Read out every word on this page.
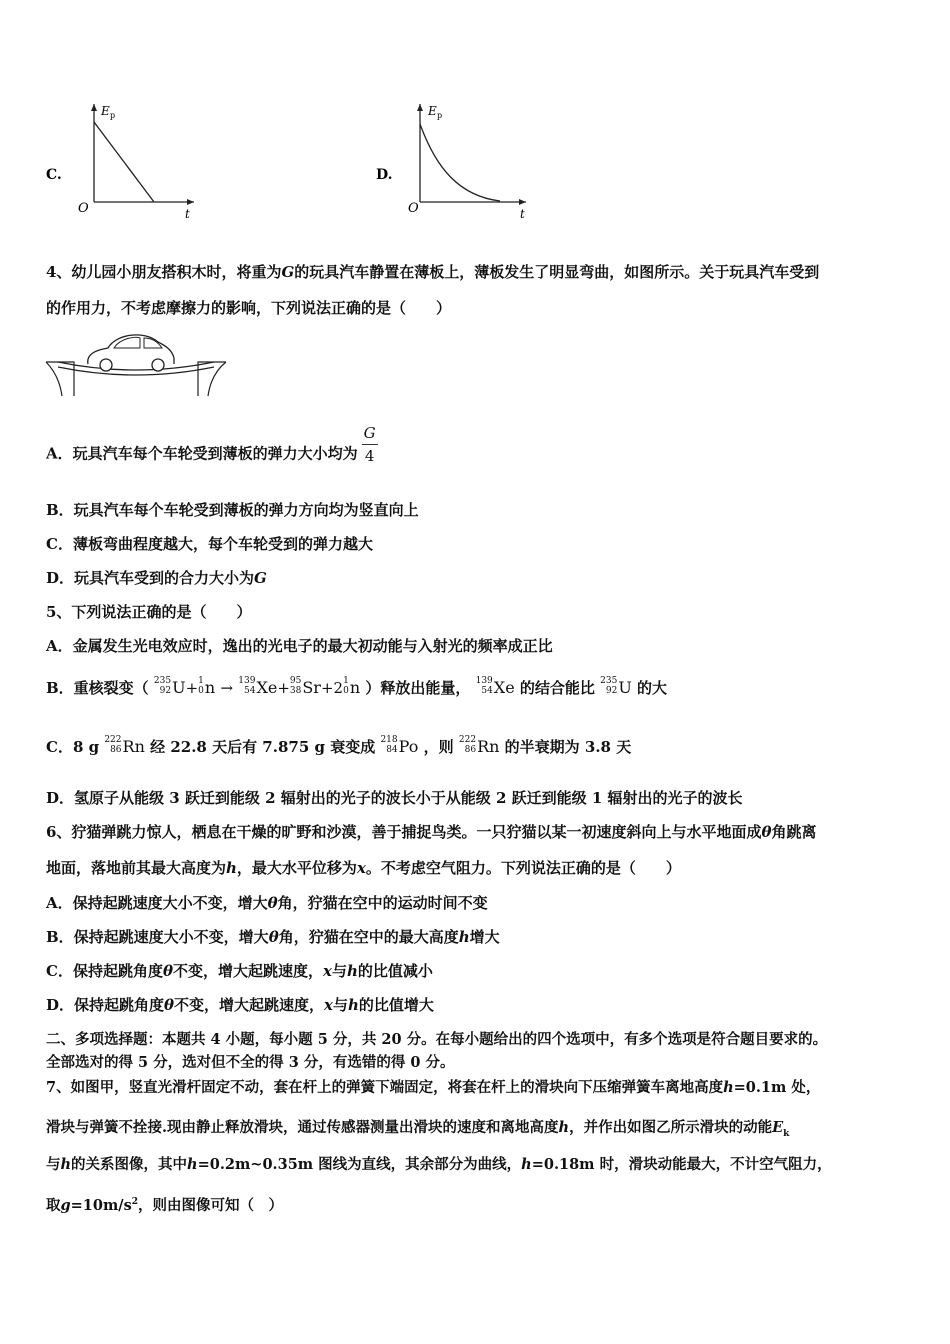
C.
E p
O	t
D.
E p
O	t
4、幼儿园小朋友搭积木时，将重为G的玩具汽车静置在薄板上，薄板发生了明显弯曲，如图所示。关于玩具汽车受到
的作用力，不考虑摩擦力的影响，下列说法正确的是（　　）
A．玩具汽车每个车轮受到薄板的弹力大小均为 $\frac{G}{4}$
B．玩具汽车每个车轮受到薄板的弹力方向均为竖直向上
C．薄板弯曲程度越大，每个车轮受到的弹力越大
D．玩具汽车受到的合力大小为G
5、下列说法正确的是（　　）
A．金属发生光电效应时，逸出的光电子的最大初动能与入射光的频率成正比
B．重核裂变（ 235
92 U+ 1
0 n → 139
54 Xe+ 95
38 Sr+2 1
0 n ）释放出能量， 139
54 Xe 的结合能比 235
92 U 的大
C．8 g 222
86 Rn 经 22.8 天后有 7.875 g 衰变成 218
84 Po ，则 222
86 Rn 的半衰期为 3.8 天
D．氢原子从能级 3 跃迁到能级 2 辐射出的光子的波长小于从能级 2 跃迁到能级 1 辐射出的光子的波长
6、狞猫弹跳力惊人，栖息在干燥的旷野和沙漠，善于捕捉鸟类。一只狞猫以某一初速度斜向上与水平地面成θ角跳离
地面，落地前其最大高度为h，最大水平位移为x。不考虑空气阻力。下列说法正确的是（　　）
A．保持起跳速度大小不变，增大θ角，狞猫在空中的运动时间不变
B．保持起跳速度大小不变，增大θ角，狞猫在空中的最大高度h增大
C．保持起跳角度θ不变，增大起跳速度，x与h的比值减小
D．保持起跳角度θ不变，增大起跳速度，x与h的比值增大
二、多项选择题：本题共 4 小题，每小题 5 分，共 20 分。在每小题给出的四个选项中，有多个选项是符合题目要求的。
全部选对的得 5 分，选对但不全的得 3 分，有选错的得 0 分。
7、如图甲，竖直光滑杆固定不动，套在杆上的弹簧下端固定，将套在杆上的滑块向下压缩弹簧车离地高度h=0.1m 处，
滑块与弹簧不拴接.现由静止释放滑块，通过传感器测量出滑块的速度和离地高度h，并作出如图乙所示滑块的动能$E_k$
与h的关系图像，其中h=0.2m~0.35m 图线为直线，其余部分为曲线，h=0.18m 时，滑块动能最大，不计空气阻力，
取$g=10m/s^2$，则由图像可知（　）
